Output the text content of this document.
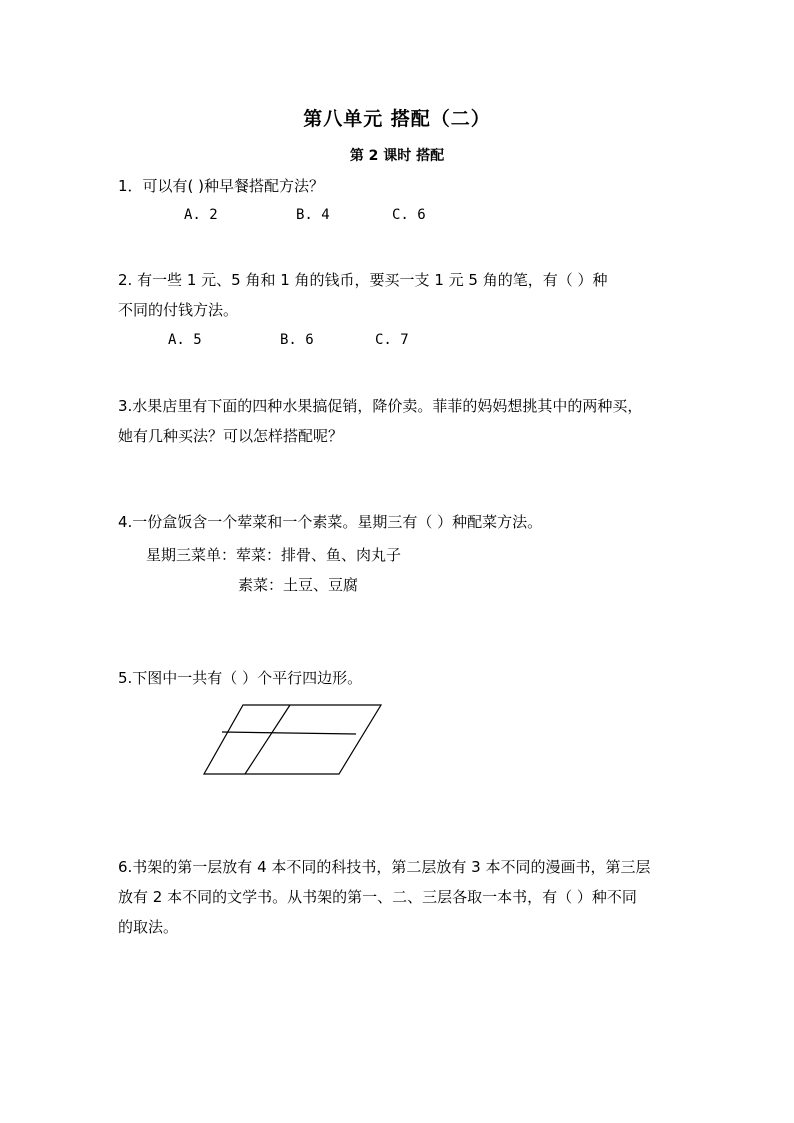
第八单元 搭配（二）
第 2 课时 搭配
1．可以有( )种早餐搭配方法？
A. 2	B. 4	C. 6
2. 有一些 1 元、5 角和 1 角的钱币，要买一支 1 元 5 角的笔，有（ ）种
不同的付钱方法。
A. 5	B. 6	C. 7
3.水果店里有下面的四种水果搞促销，降价卖。菲菲的妈妈想挑其中的两种买，
她有几种买法？可以怎样搭配呢？
4.一份盒饭含一个荤菜和一个素菜。星期三有（ ）种配菜方法。
星期三菜单：荤菜：排骨、鱼、肉丸子
素菜：土豆、豆腐
5.下图中一共有（ ）个平行四边形。
6.书架的第一层放有 4 本不同的科技书，第二层放有 3 本不同的漫画书，第三层
放有 2 本不同的文学书。从书架的第一、二、三层各取一本书，有（ ）种不同
的取法。
